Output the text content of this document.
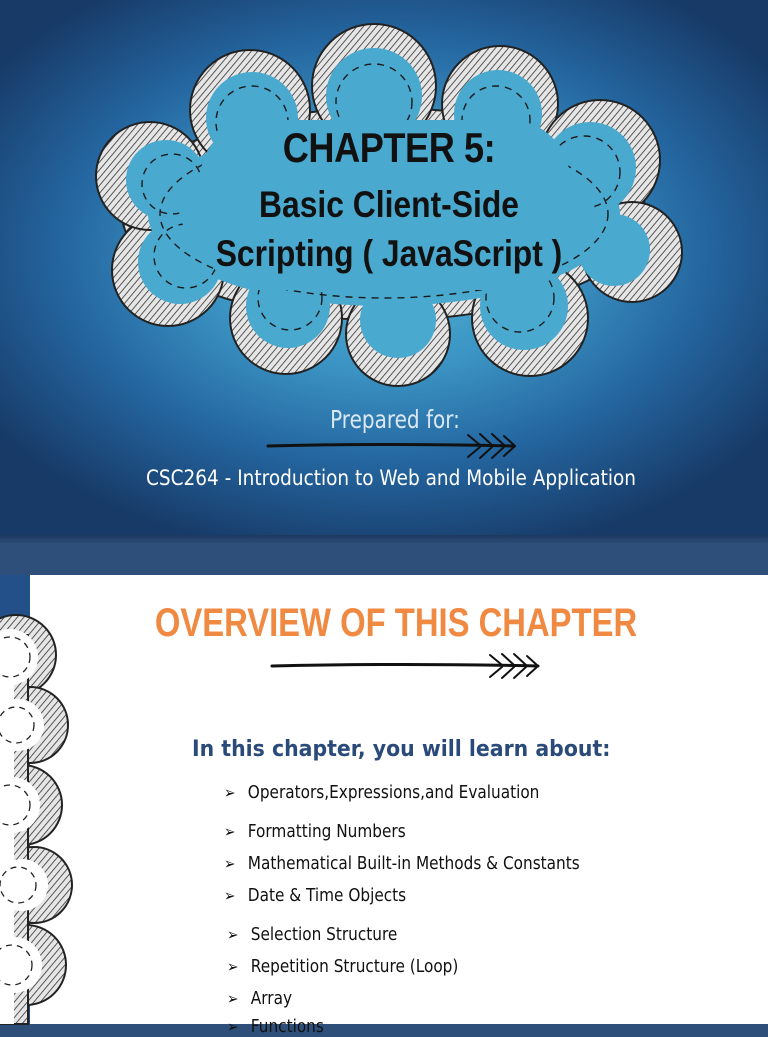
CHAPTER 5:
Basic Client-Side
Scripting ( JavaScript )
Prepared for:
CSC264 - Introduction to Web and Mobile Application
OVERVIEW OF THIS CHAPTER
In this chapter, you will learn about:
➢ Operators,Expressions,and Evaluation
➢ Formatting Numbers
➢ Mathematical Built-in Methods & Constants
➢ Date & Time Objects
➢ Selection Structure
➢ Repetition Structure (Loop)
➢ Array
➢ Functions
